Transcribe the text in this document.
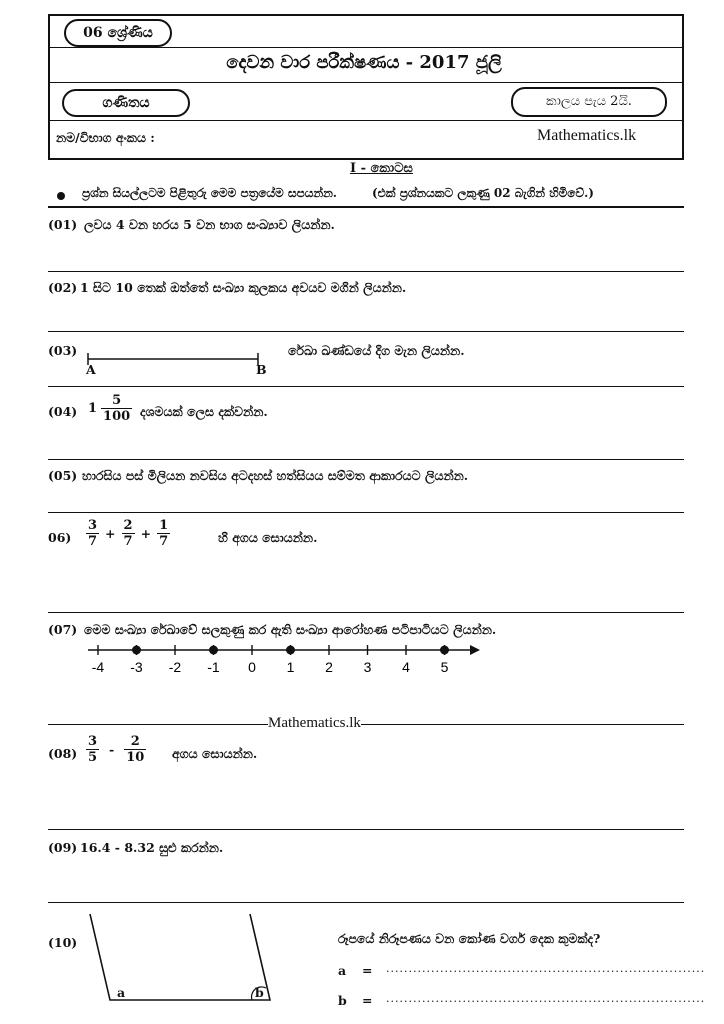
06 ශ්‍රේණිය
දෙවන වාර පරීක්ෂණය - 2017 ජූලි
ගණිතය	කාලය පැය 2යි.
නම/විභාග අංකය :	Mathematics.lk
I - කොටස
ප්‍රශ්න සියල්ලටම පිළිතුරු මෙම පත්‍රයේම සපයන්න.	(එක් ප්‍රශ්නයකට ලකුණු 02 බැගින් හිමිවේ.)
(01) ලවය 4 වන හරය 5 වන භාග සංඛ්‍යාව ලියන්න.
(02) 1 සිට 10 තෙක් ඔත්තේ සංඛ්‍යා කුලකය අවයව මගින් ලියන්න.
(03)
A	B
රේඛා ඛණ්ඩයේ දිග මැන ලියන්න.
(04) $1 \frac{5}{100}$ දශමයක් ලෙස දක්වන්න.
(05) හාරසිය පස් මිලියන නවසිය අටදහස් හත්සියය සම්මත ආකාරයට ලියන්න.
$06) \frac{3}{7} + \frac{2}{7} + \frac{1}{7}$	හි අගය සොයන්න.
(07) මෙම සංඛ්‍යා රේඛාවේ සලකුණු කර ඇති සංඛ්‍යා ආරෝහණ පටිපාටියට ලියන්න.
-4 -3 -2 -1 0 1 2 3 4 5
Mathematics.lk
$(08) \frac{3}{5} - \frac{2}{10}$ අගය සොයන්න.
(09) 16.4 - 8.32 සුළු කරන්න.
(10)
a	b
රූපයේ නිරූපණය වන කෝණ වර්ග දෙක කුමක්ද?
a = .......................................................................
b = .......................................................................
